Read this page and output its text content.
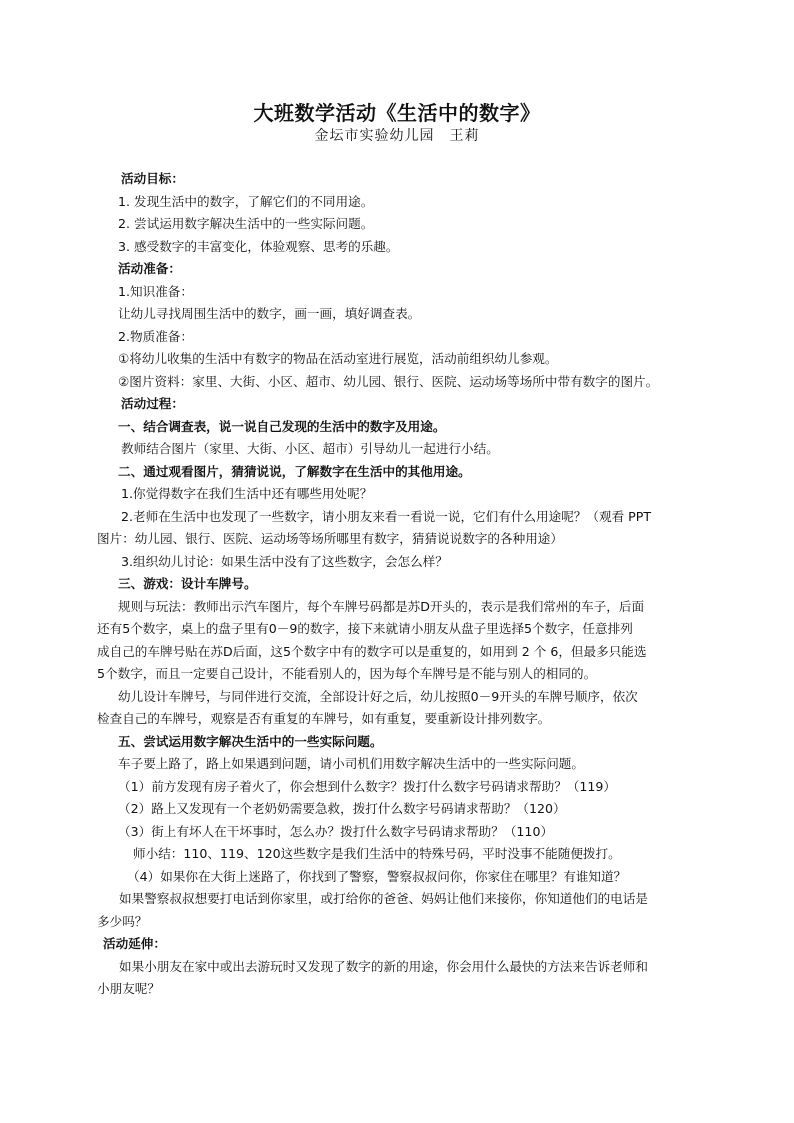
大班数学活动《生活中的数字》
金坛市实验幼儿园　王莉
活动目标：
1. 发现生活中的数字，了解它们的不同用途。
2. 尝试运用数字解决生活中的一些实际问题。
3. 感受数字的丰富变化，体验观察、思考的乐趣。
活动准备：
1.知识准备：
让幼儿寻找周围生活中的数字，画一画，填好调查表。
2.物质准备：
①将幼儿收集的生活中有数字的物品在活动室进行展览，活动前组织幼儿参观。
②图片资料：家里、大街、小区、超市、幼儿园、银行、医院、运动场等场所中带有数字的图片。
活动过程：
一、结合调查表，说一说自己发现的生活中的数字及用途。
教师结合图片（家里、大街、小区、超市）引导幼儿一起进行小结。
二、通过观看图片，猜猜说说，了解数字在生活中的其他用途。
1.你觉得数字在我们生活中还有哪些用处呢？
2.老师在生活中也发现了一些数字，请小朋友来看一看说一说，它们有什么用途呢？（观看 PPT
图片：幼儿园、银行、医院、运动场等场所哪里有数字，猜猜说说数字的各种用途）
3.组织幼儿讨论：如果生活中没有了这些数字，会怎么样？
三、游戏：设计车牌号。
规则与玩法：教师出示汽车图片，每个车牌号码都是苏D开头的，表示是我们常州的车子，后面
还有5个数字，桌上的盘子里有0－9的数字，接下来就请小朋友从盘子里选择5个数字，任意排列
成自己的车牌号贴在苏D后面，这5个数字中有的数字可以是重复的，如用到 2 个 6，但最多只能选
5个数字，而且一定要自己设计，不能看别人的，因为每个车牌号是不能与别人的相同的。
幼儿设计车牌号，与同伴进行交流，全部设计好之后，幼儿按照0－9开头的车牌号顺序，依次
检查自己的车牌号，观察是否有重复的车牌号，如有重复，要重新设计排列数字。
五、尝试运用数字解决生活中的一些实际问题。
车子要上路了，路上如果遇到问题，请小司机们用数字解决生活中的一些实际问题。
（1）前方发现有房子着火了，你会想到什么数字？拨打什么数字号码请求帮助？（119）
（2）路上又发现有一个老奶奶需要急救，拨打什么数字号码请求帮助？（120）
（3）街上有坏人在干坏事时，怎么办？拨打什么数字号码请求帮助？（110）
师小结：110、119、120这些数字是我们生活中的特殊号码，平时没事不能随便拨打。
（4）如果你在大街上迷路了，你找到了警察，警察叔叔问你，你家住在哪里？有谁知道？
如果警察叔叔想要打电话到你家里，或打给你的爸爸、妈妈让他们来接你，你知道他们的电话是
多少吗？
活动延伸：
如果小朋友在家中或出去游玩时又发现了数字的新的用途，你会用什么最快的方法来告诉老师和
小朋友呢？
